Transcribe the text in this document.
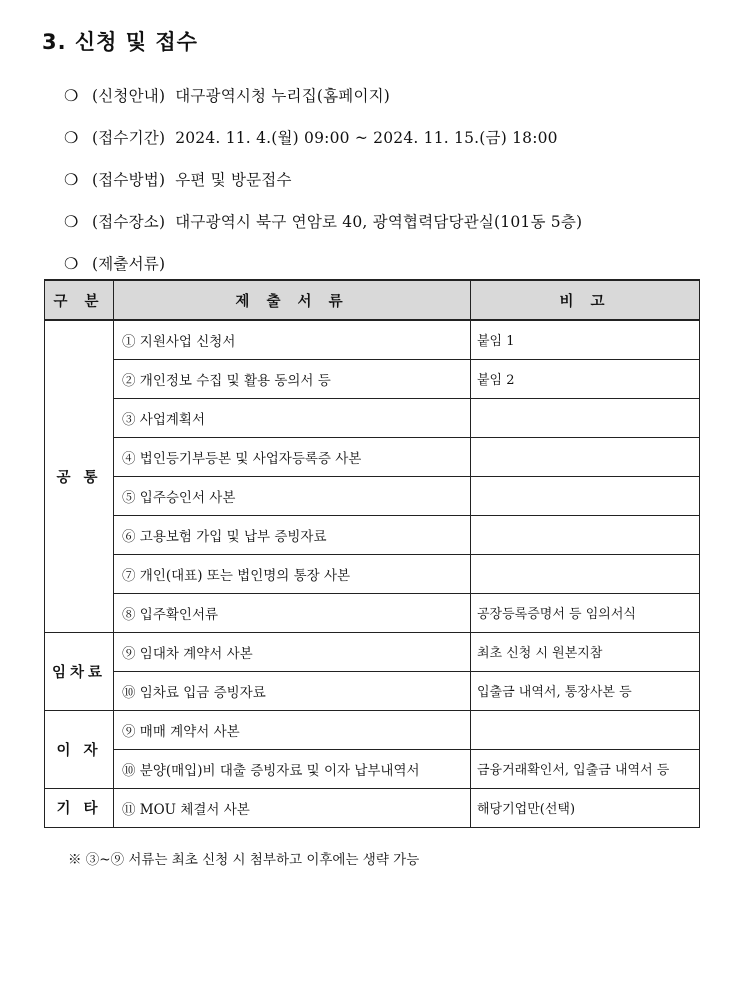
3. 신청 및 접수
❍ (신청안내) 대구광역시청 누리집(홈페이지)
❍ (접수기간) 2024. 11. 4.(월) 09:00 ~ 2024. 11. 15.(금) 18:00
❍ (접수방법) 우편 및 방문접수
❍ (접수장소) 대구광역시 북구 연암로 40, 광역협력담당관실(101동 5층)
❍ (제출서류)
구 분	제 출 서 류	비 고
공 통	① 지원사업 신청서	붙임 1
	② 개인정보 수집 및 활용 동의서 등	붙임 2
	③ 사업계획서	
	④ 법인등기부등본 및 사업자등록증 사본	
	⑤ 입주승인서 사본	
	⑥ 고용보험 가입 및 납부 증빙자료	
	⑦ 개인(대표) 또는 법인명의 통장 사본	
	⑧ 입주확인서류	공장등록증명서 등 임의서식
임차료	⑨ 임대차 계약서 사본	최초 신청 시 원본지참
	⑩ 임차료 입금 증빙자료	입출금 내역서, 통장사본 등
이 자	⑨ 매매 계약서 사본	
	⑩ 분양(매입)비 대출 증빙자료 및 이자 납부내역서	금융거래확인서, 입출금 내역서 등
기 타	⑪ MOU 체결서 사본	해당기업만(선택)
※ ③~⑨ 서류는 최초 신청 시 첨부하고 이후에는 생략 가능
